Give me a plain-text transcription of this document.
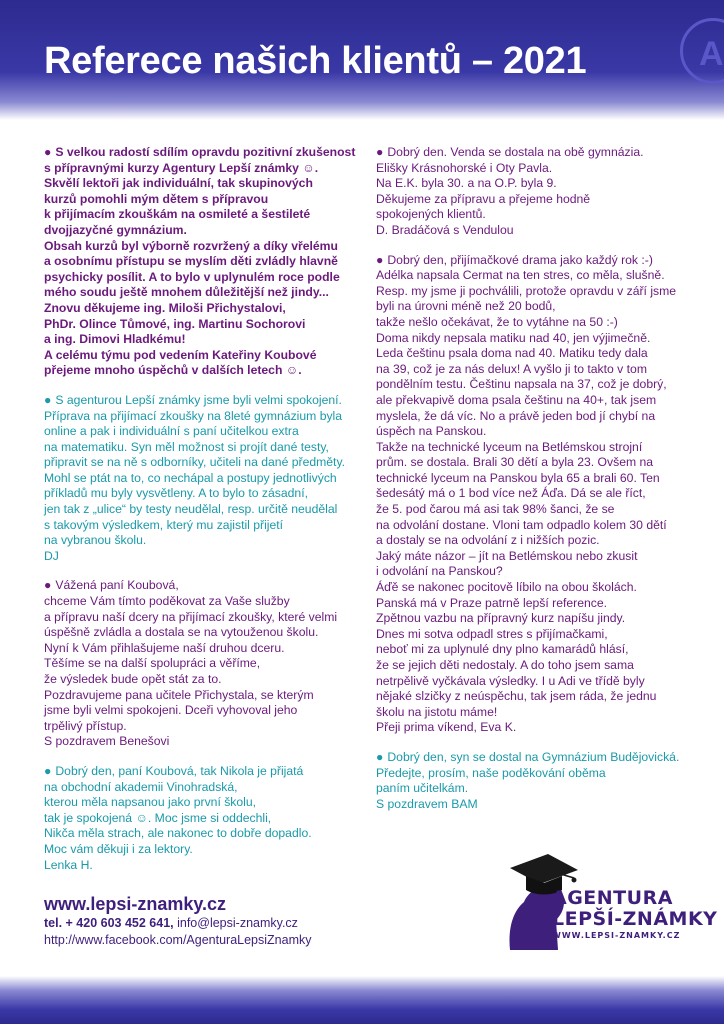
Referece našich klientů – 2021	A
● S velkou radostí sdílím opravdu pozitivní zkušenost
s přípravnými kurzy Agentury Lepší známky ☺.
Skvělí lektoři jak individuální, tak skupinových
kurzů pomohli mým dětem s přípravou
k přijímacím zkouškám na osmileté a šestileté
dvojjazyčné gymnázium.
Obsah kurzů byl výborně rozvržený a díky vřelému
a osobnímu přístupu se myslím děti zvládly hlavně
psychicky posílit. A to bylo v uplynulém roce podle
mého soudu ještě mnohem důležitější než jindy...
Znovu děkujeme ing. Miloši Přichystalovi,
PhDr. Olince Tůmové, ing. Martinu Sochorovi
a ing. Dimovi Hladkému!
A celému týmu pod vedením Kateřiny Koubové
přejeme mnoho úspěchů v dalších letech ☺.
● S agenturou Lepší známky jsme byli velmi spokojení.
Příprava na přijímací zkoušky na 8leté gymnázium byla
online a pak i individuální s paní učitelkou extra
na matematiku. Syn měl možnost si projít dané testy,
připravit se na ně s odborníky, učiteli na dané předměty.
Mohl se ptát na to, co nechápal a postupy jednotlivých
příkladů mu byly vysvětleny. A to bylo to zásadní,
jen tak z „ulice“ by testy neudělal, resp. určitě neudělal
s takovým výsledkem, který mu zajistil přijetí
na vybranou školu.
DJ
● Vážená paní Koubová,
chceme Vám tímto poděkovat za Vaše služby
a přípravu naší dcery na přijímací zkoušky, které velmi
úspěšně zvládla a dostala se na vytouženou školu.
Nyní k Vám přihlašujeme naší druhou dceru.
Těšíme se na další spolupráci a věříme,
že výsledek bude opět stát za to.
Pozdravujeme pana učitele Přichystala, se kterým
jsme byli velmi spokojeni. Dceři vyhovoval jeho
trpělivý přístup.
S pozdravem Benešovi
● Dobrý den, paní Koubová, tak Nikola je přijatá
na obchodní akademii Vinohradská,
kterou měla napsanou jako první školu,
tak je spokojená ☺. Moc jsme si oddechli,
Nikča měla strach, ale nakonec to dobře dopadlo.
Moc vám děkuji i za lektory.
Lenka H.
● Dobrý den. Venda se dostala na obě gymnázia.
Elišky Krásnohorské i Oty Pavla.
Na E.K. byla 30. a na O.P. byla 9.
Děkujeme za přípravu a přejeme hodně
spokojených klientů.
D. Bradáčová s Vendulou
● Dobrý den, přijímačkové drama jako každý rok :-)
Adélka napsala Cermat na ten stres, co měla, slušně.
Resp. my jsme ji pochválili, protože opravdu v září jsme
byli na úrovni méně než 20 bodů,
takže nešlo očekávat, že to vytáhne na 50 :-)
Doma nikdy nepsala matiku nad 40, jen výjimečně.
Leda češtinu psala doma nad 40. Matiku tedy dala
na 39, což je za nás delux! A vyšlo ji to takto v tom
pondělním testu. Češtinu napsala na 37, což je dobrý,
ale překvapivě doma psala češtinu na 40+, tak jsem
myslela, že dá víc. No a právě jeden bod jí chybí na
úspěch na Panskou.
Takže na technické lyceum na Betlémskou strojní
prům. se dostala. Brali 30 dětí a byla 23. Ovšem na
technické lyceum na Panskou byla 65 a brali 60. Ten
šedesátý má o 1 bod více než Áďa. Dá se ale říct,
že 5. pod čarou má asi tak 98% šanci, že se
na odvolání dostane. Vloni tam odpadlo kolem 30 dětí
a dostaly se na odvolání z i nižších pozic.
Jaký máte názor – jít na Betlémskou nebo zkusit
i odvolání na Panskou?
Áďě se nakonec pocitově líbilo na obou školách.
Panská má v Praze patrně lepší reference.
Zpětnou vazbu na přípravný kurz napíšu jindy.
Dnes mi sotva odpadl stres s přijímačkami,
neboť mi za uplynulé dny plno kamarádů hlásí,
že se jejich děti nedostaly. A do toho jsem sama
netrpělivě vyčkávala výsledky. I u Adi ve třídě byly
nějaké slzičky z neúspěchu, tak jsem ráda, že jednu
školu na jistotu máme!
Přeji prima víkend, Eva K.
● Dobrý den, syn se dostal na Gymnázium Budějovická.
Předejte, prosím, naše poděkování oběma
paním učitelkám.
S pozdravem BAM
www.lepsi-znamky.cz
tel. + 420 603 452 641, info@lepsi-znamky.cz
http://www.facebook.com/AgenturaLepsiZnamky
AGENTURA
LEPŠÍ-ZNÁMKY
WWW.LEPSI-ZNAMKY.CZ
